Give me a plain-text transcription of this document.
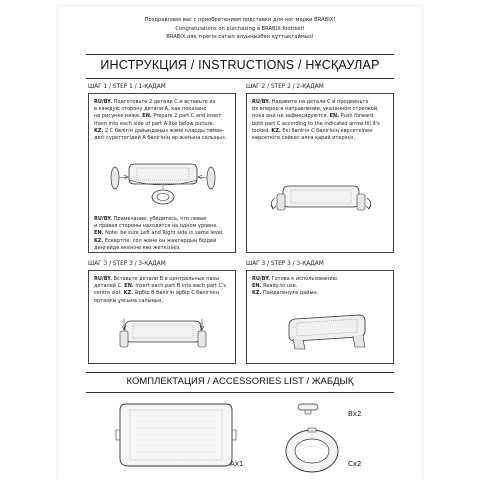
Поздравляем вас с приобретением подставки для ног марки BRABIX!
Congratulations on purchasing a BRABIX footrest!
BRABIX аяқ тірегін сатып алуыңызбен құттықтаймыз!
ИНСТРУКЦИЯ / INSTRUCTIONS / НҰСҚАУЛАР
ШАГ 1 / STEP 1 / 1-ҚАДАМ
RU/BY. Подготовьте 2 детали С и вставьте их
в каждую сторону детали А, как показано
на рисунке ниже. EN. Prepare 2 part C and insert
them into each side of part A like below picture.
KZ. 2 С бөлігін дайындаңыз және оларды төмен-
дегі суреттегідей А бөлігінің әр жағына салыңыз.
RU/BY. Примечание: убедитесь, что левая
и правая стороны находятся на одном уровне.
EN. Note: be sure Left and Right side in same level.
KZ. Ескертпе: сол және оң жақтардың бірдей
деңгейде екеніне көз жеткізіңіз.
ШАГ 2 / STEP 2 / 2-ҚАДАМ
RU/BY. Надавите на детали С и продвиньте
их вперед в направлении, указанном стрелкой,
пока они не зафиксируются. EN. Push forward
both part C according to the indicated arrow till it's
locked. KZ. Екі бөлігін С бөлігінің көрсеткіпен
көрсеткіге сәйкес алға қарай итеріңіз.
ШАГ 3 / STEP 3 / 3-ҚАДАМ
RU/BY. Вставьте детали В в центральные пазы
деталей С. EN. Insert each part B into each part C's
centre slot. KZ. Әрбір В бөлігін әрбір С бөлігінің
ортаңғы ұясына салыңыз.
ШАГ 3 / STEP 3 / 3-ҚАДАМ
RU/BY. Готова к использованию.
EN. Ready to use.
KZ. Пайдалануға дайын.
КОМПЛЕКТАЦИЯ / ACCESSORIES LIST / ЖАБДЫҚ
Ax1
Bx2
Cx2
